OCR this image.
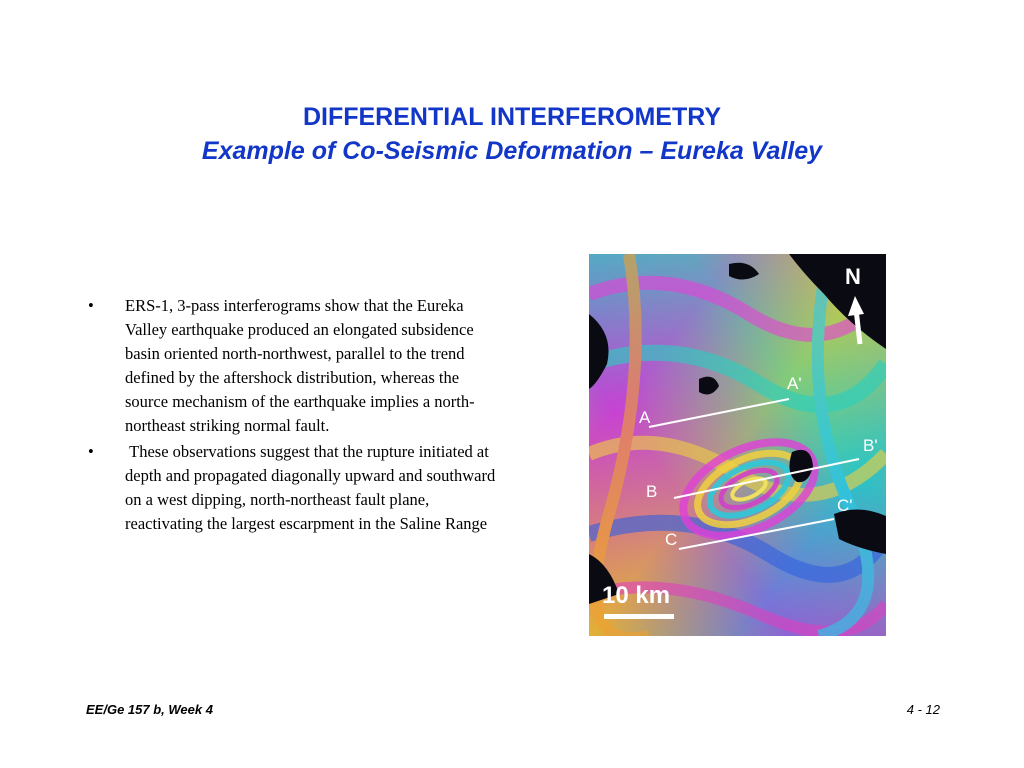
DIFFERENTIAL INTERFEROMETRY
Example of Co-Seismic Deformation – Eureka Valley
•	ERS-1, 3-pass interferograms show that the Eureka Valley earthquake produced an elongated subsidence basin oriented north-northwest, parallel to the trend defined by the aftershock distribution, whereas the source mechanism of the earthquake implies a north-northeast striking normal fault.
•	These observations suggest that the rupture initiated at depth and propagated diagonally upward and southward on a west dipping, north-northeast fault plane, reactivating the largest escarpment in the Saline Range
N
A
A'
B
B'
C
C'
10 km
EE/Ge 157 b, Week 4	4 - 12
